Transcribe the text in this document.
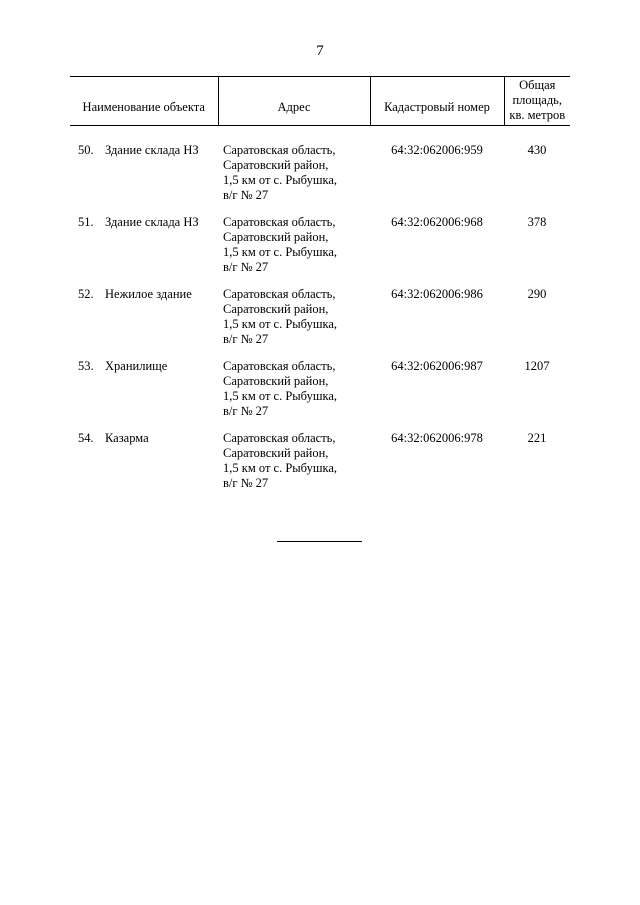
7
Наименование объекта	Адрес	Кадастровый номер	Общая
площадь,
кв. метров

50. Здание склада НЗ	Саратовская область,
Саратовский район,
1,5 км от с. Рыбушка,
в/г № 27	64:32:062006:959	430
51. Здание склада НЗ	Саратовская область,
Саратовский район,
1,5 км от с. Рыбушка,
в/г № 27	64:32:062006:968	378
52. Нежилое здание	Саратовская область,
Саратовский район,
1,5 км от с. Рыбушка,
в/г № 27	64:32:062006:986	290
53. Хранилище	Саратовская область,
Саратовский район,
1,5 км от с. Рыбушка,
в/г № 27	64:32:062006:987	1207
54. Казарма	Саратовская область,
Саратовский район,
1,5 км от с. Рыбушка,
в/г № 27	64:32:062006:978	221
